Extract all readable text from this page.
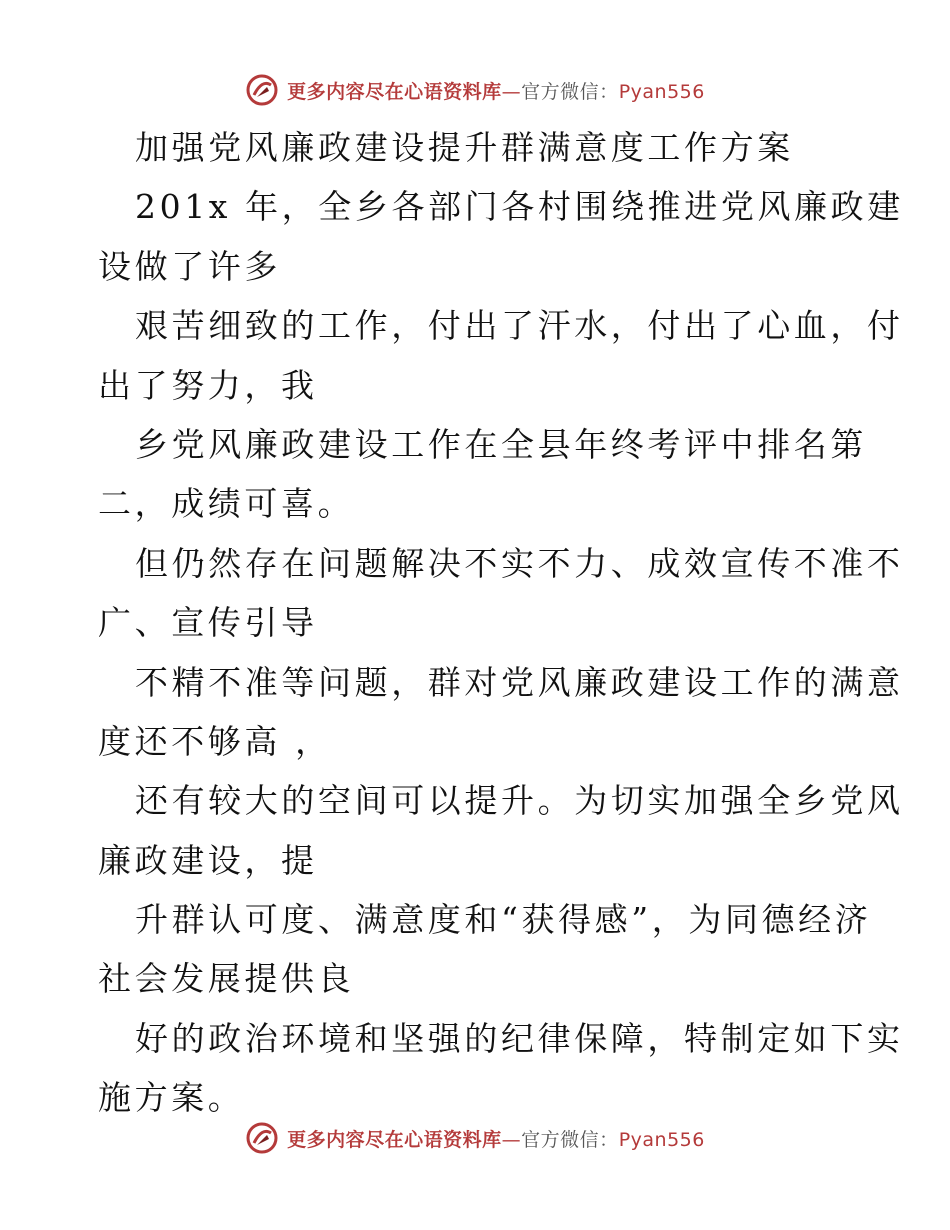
更多内容尽在心语资料库—官方微信：Pyan556
加强党风廉政建设提升群满意度工作方案
201x 年，全乡各部门各村围绕推进党风廉政建
设做了许多
艰苦细致的工作，付出了汗水，付出了心血，付
出了努力，我
乡党风廉政建设工作在全县年终考评中排名第
二，成绩可喜。
但仍然存在问题解决不实不力、成效宣传不准不
广、宣传引导
不精不准等问题，群对党风廉政建设工作的满意
度还不够高 ，
还有较大的空间可以提升。为切实加强全乡党风
廉政建设，提
升群认可度、满意度和“获得感”，为同德经济
社会发展提供良
好的政治环境和坚强的纪律保障，特制定如下实
施方案。
更多内容尽在心语资料库—官方微信：Pyan556
